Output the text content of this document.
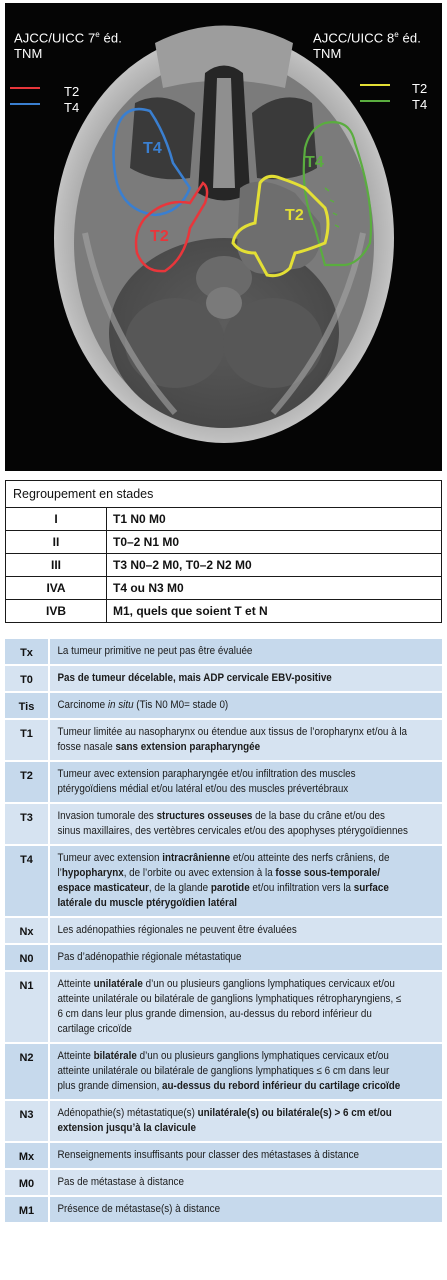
AJCC/UICC 7e éd.
TNM
AJCC/UICC 8e éd.
TNM
T2
T4
T2
T4
T4
T2
T4
T2
Regroupement en stades	
I	T1 N0 M0
II	T0–2 N1 M0
III	T3 N0–2 M0, T0–2 N2 M0
IVA	T4 ou N3 M0
IVB	M1, quels que soient T et N
Tx	La tumeur primitive ne peut pas être évaluée
T0	Pas de tumeur décelable, mais ADP cervicale EBV-positive
Tis	Carcinome in situ (Tis N0 M0= stade 0)
T1	Tumeur limitée au nasopharynx ou étendue aux tissus de l’oropharynx et/ou à la fosse nasale sans extension parapharyngée
T2	Tumeur avec extension parapharyngée et/ou infiltration des muscles ptérygoïdiens médial et/ou latéral et/ou des muscles prévertébraux
T3	Invasion tumorale des structures osseuses de la base du crâne et/ou des sinus maxillaires, des vertèbres cervicales et/ou des apophyses ptérygoïdiennes
T4	Tumeur avec extension intracrânienne et/ou atteinte des nerfs crâniens, de l’hypopharynx, de l’orbite ou avec extension à la fosse sous-temporale/ espace masticateur, de la glande parotide et/ou infiltration vers la surface latérale du muscle ptérygoïdien latéral
Nx	Les adénopathies régionales ne peuvent être évaluées
N0	Pas d’adénopathie régionale métastatique
N1	Atteinte unilatérale d’un ou plusieurs ganglions lymphatiques cervicaux et/ou atteinte unilatérale ou bilatérale de ganglions lymphatiques rétropharyngiens, ≤ 6 cm dans leur plus grande dimension, au-dessus du rebord inférieur du cartilage cricoïde
N2	Atteinte bilatérale d’un ou plusieurs ganglions lymphatiques cervicaux et/ou atteinte unilatérale ou bilatérale de ganglions lymphatiques ≤ 6 cm dans leur plus grande dimension, au-dessus du rebord inférieur du cartilage cricoïde
N3	Adénopathie(s) métastatique(s) unilatérale(s) ou bilatérale(s) > 6 cm et/ou extension jusqu’à la clavicule
Mx	Renseignements insuffisants pour classer des métastases à distance
M0	Pas de métastase à distance
M1	Présence de métastase(s) à distance
